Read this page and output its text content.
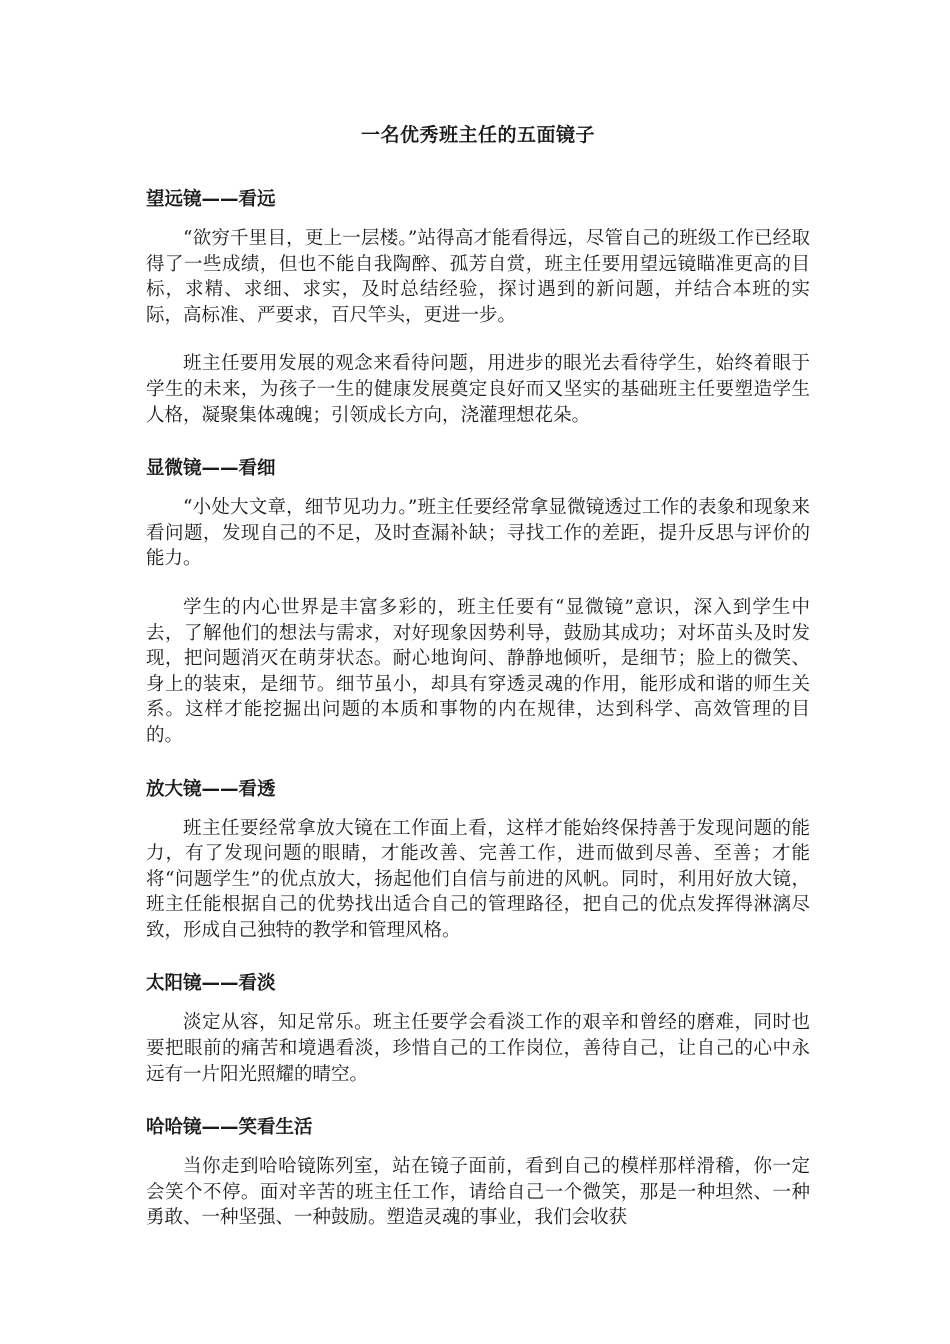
一名优秀班主任的五面镜子
望远镜——看远

“欲穷千里目，更上一层楼。”站得高才能看得远，尽管自己的班级工作已经取得了一些成绩，但也不能自我陶醉、孤芳自赏，班主任要用望远镜瞄准更高的目标，求精、求细、求实，及时总结经验，探讨遇到的新问题，并结合本班的实际，高标准、严要求，百尺竿头，更进一步。

班主任要用发展的观念来看待问题，用进步的眼光去看待学生，始终着眼于学生的未来，为孩子一生的健康发展奠定良好而又坚实的基础班主任要塑造学生人格，凝聚集体魂魄；引领成长方向，浇灌理想花朵。

显微镜——看细

“小处大文章，细节见功力。”班主任要经常拿显微镜透过工作的表象和现象来看问题，发现自己的不足，及时查漏补缺；寻找工作的差距，提升反思与评价的能力。

学生的内心世界是丰富多彩的，班主任要有“显微镜”意识，深入到学生中去，了解他们的想法与需求，对好现象因势利导，鼓励其成功；对坏苗头及时发现，把问题消灭在萌芽状态。耐心地询问、静静地倾听，是细节；脸上的微笑、身上的装束，是细节。细节虽小，却具有穿透灵魂的作用，能形成和谐的师生关系。这样才能挖掘出问题的本质和事物的内在规律，达到科学、高效管理的目的。

放大镜——看透

班主任要经常拿放大镜在工作面上看，这样才能始终保持善于发现问题的能力，有了发现问题的眼睛，才能改善、完善工作，进而做到尽善、至善；才能将“问题学生”的优点放大，扬起他们自信与前进的风帆。同时，利用好放大镜，班主任能根据自己的优势找出适合自己的管理路径，把自己的优点发挥得淋漓尽致，形成自己独特的教学和管理风格。

太阳镜——看淡

淡定从容，知足常乐。班主任要学会看淡工作的艰辛和曾经的磨难，同时也要把眼前的痛苦和境遇看淡，珍惜自己的工作岗位，善待自己，让自己的心中永远有一片阳光照耀的晴空。

哈哈镜——笑看生活

当你走到哈哈镜陈列室，站在镜子面前，看到自己的模样那样滑稽，你一定会笑个不停。面对辛苦的班主任工作，请给自己一个微笑，那是一种坦然、一种勇敢、一种坚强、一种鼓励。塑造灵魂的事业，我们会收获
